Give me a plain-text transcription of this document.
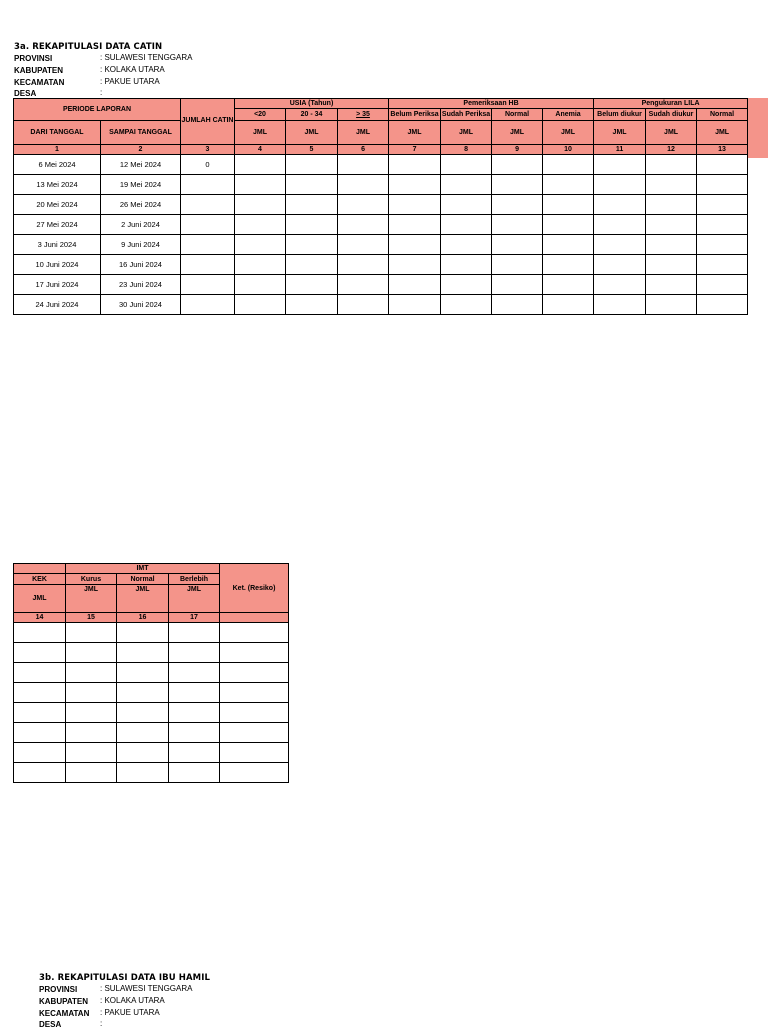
3a. REKAPITULASI DATA CATIN
PROVINSI	: SULAWESI TENGGARA
KABUPATEN	: KOLAKA UTARA
KECAMATAN	: PAKUE UTARA
DESA	:
PERIODE LAPORAN		JUMLAH CATIN	USIA (Tahun)			Pemeriksaan HB				Pengukuran LILA		
			<20	20 - 34	> 35	Belum Periksa	Sudah Periksa	Normal	Anemia	Belum diukur	Sudah diukur	Normal
DARI TANGGAL	SAMPAI TANGGAL		JML	JML	JML	JML	JML	JML	JML	JML	JML	JML
1	2	3	4	5	6	7	8	9	10	11	12	13
6 Mei 2024	12 Mei 2024	0										
13 Mei 2024	19 Mei 2024											
20 Mei 2024	26 Mei 2024											
27 Mei 2024	2 Juni 2024											
3 Juni 2024	9 Juni 2024											
10 Juni 2024	16 Juni 2024											
17 Juni 2024	23 Juni 2024											
24 Juni 2024	30 Juni 2024											
	IMT			Ket. (Resiko)
KEK	Kurus	Normal	Berlebih	
JML	JML	JML	JML	
14	15	16	17	

3b. REKAPITULASI DATA IBU HAMIL
PROVINSI	: SULAWESI TENGGARA
KABUPATEN : KOLAKA UTARA
KECAMATAN : PAKUE UTARA
DESA	:
